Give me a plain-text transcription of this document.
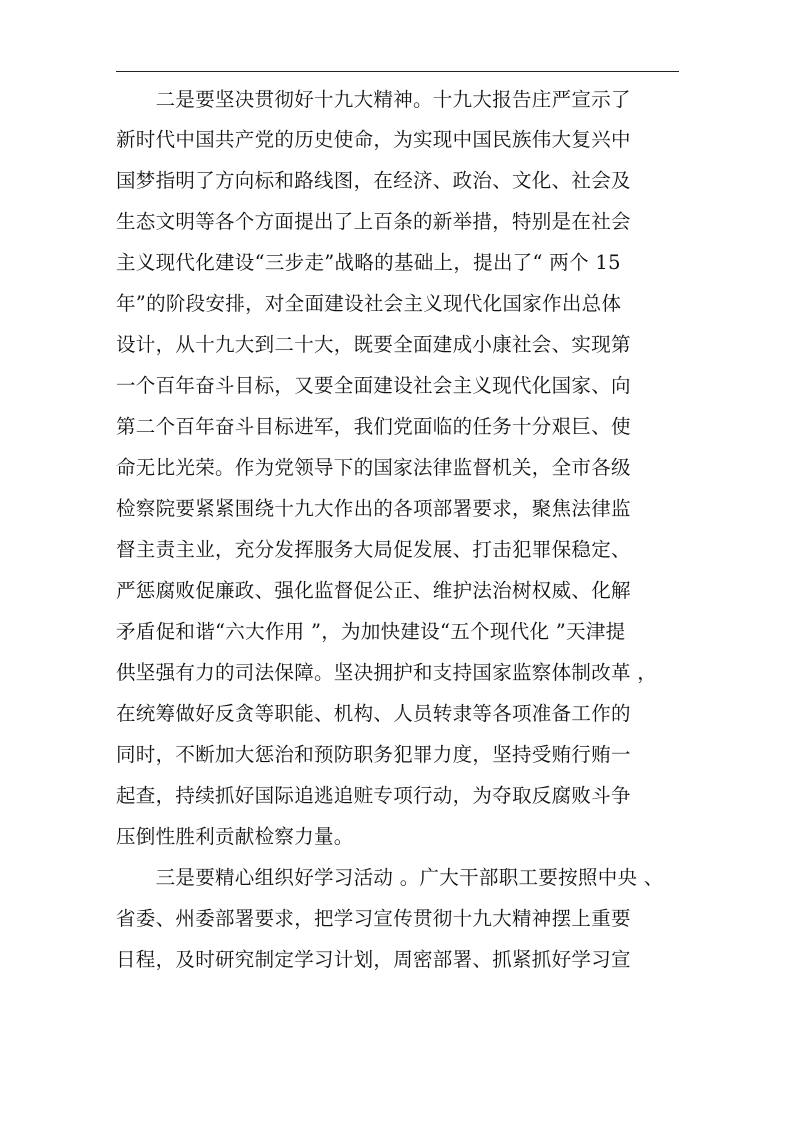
　　二是要坚决贯彻好十九大精神。十九大报告庄严宣示了
新时代中国共产党的历史使命，为实现中国民族伟大复兴中
国梦指明了方向标和路线图，在经济、政治、文化、社会及
生态文明等各个方面提出了上百条的新举措，特别是在社会
主义现代化建设“三步走”战略的基础上，提出了“ 两个 15
年”的阶段安排，对全面建设社会主义现代化国家作出总体
设计，从十九大到二十大，既要全面建成小康社会、实现第
一个百年奋斗目标，又要全面建设社会主义现代化国家、向
第二个百年奋斗目标进军，我们党面临的任务十分艰巨、使
命无比光荣。作为党领导下的国家法律监督机关，全市各级
检察院要紧紧围绕十九大作出的各项部署要求，聚焦法律监
督主责主业，充分发挥服务大局促发展、打击犯罪保稳定、
严惩腐败促廉政、强化监督促公正、维护法治树权威、化解
矛盾促和谐“六大作用 ”，为加快建设“五个现代化 ”天津提
供坚强有力的司法保障。坚决拥护和支持国家监察体制改革 ，
在统筹做好反贪等职能、机构、人员转隶等各项准备工作的
同时，不断加大惩治和预防职务犯罪力度，坚持受贿行贿一
起查，持续抓好国际追逃追赃专项行动，为夺取反腐败斗争
压倒性胜利贡献检察力量。
　　三是要精心组织好学习活动 。广大干部职工要按照中央 、
省委、州委部署要求，把学习宣传贯彻十九大精神摆上重要
日程，及时研究制定学习计划，周密部署、抓紧抓好学习宣
